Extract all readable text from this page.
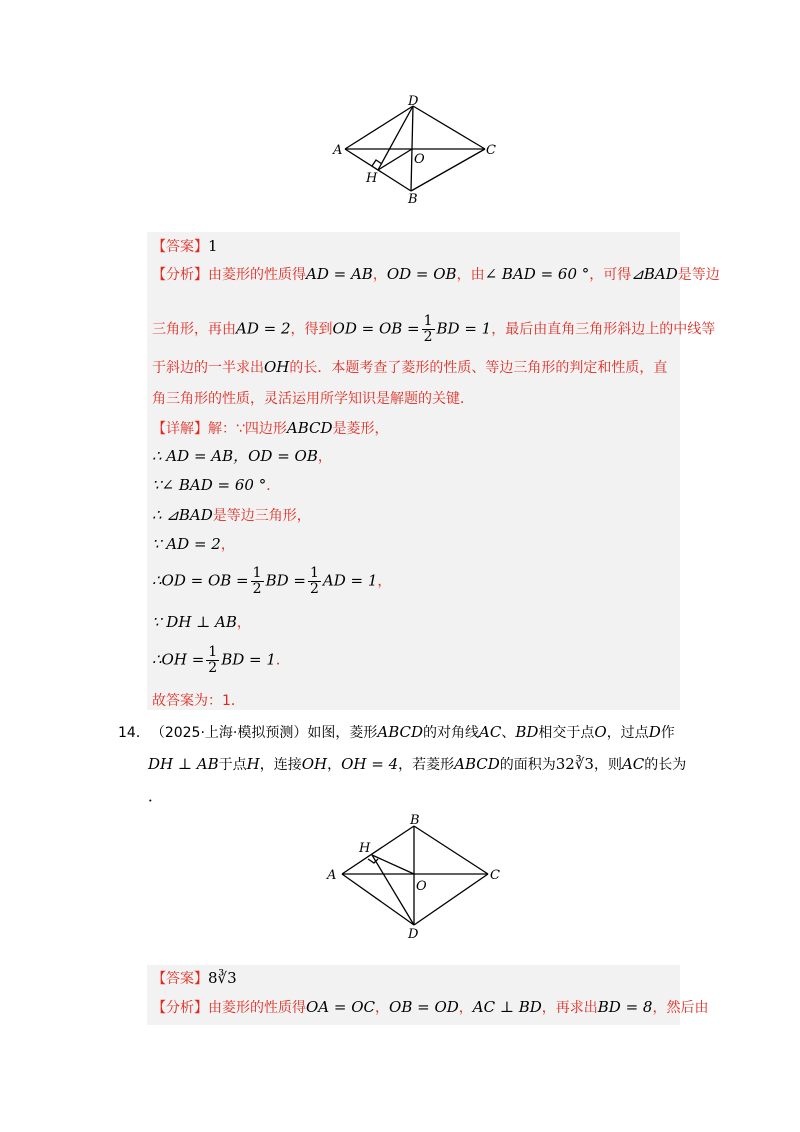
D
A
O
C
H
B
【答案】1
【分析】由菱形的性质得AD = AB，OD = OB，由∠ BAD = 60 °，可得⊿BAD是等边
三角形，再由AD = 2，得到OD = OB = $\frac{1}{2}$ BD = 1，最后由直角三角形斜边上的中线等
于斜边的一半求出OH的长．本题考查了菱形的性质、等边三角形的判定和性质，直
角三角形的性质，灵活运用所学知识是解题的关键．
【详解】解：∵四边形ABCD是菱形，
∴ AD = AB，OD = OB，
∵∠ BAD = 60 °．
∴ ⊿BAD是等边三角形，
∵ AD = 2，
∴OD = OB = $\frac{1}{2}$ BD = $\frac{1}{2}$ AD = 1，
∵ DH ⊥ AB，
∴OH = $\frac{1}{2}$ BD = 1．
故答案为：1．
14． （2025·上海·模拟预测）如图，菱形ABCD的对角线AC、BD相交于点O，过点D作
DH ⊥ AB于点H，连接OH，OH = 4，若菱形ABCD的面积为32∛3，则AC的长为
．
B
H
A
O
C
D
【答案】8∛3
【分析】由菱形的性质得OA = OC，OB = OD，AC ⊥ BD，再求出BD = 8，然后由
